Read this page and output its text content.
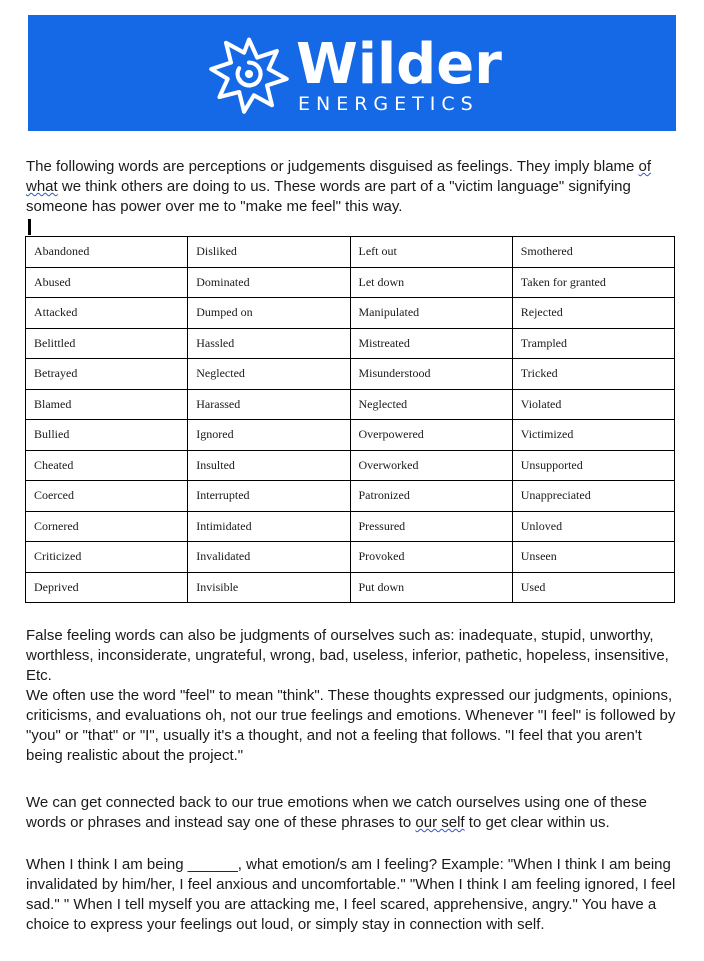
Wilder
ENERGETICS

The following words are perceptions or judgements disguised as feelings. They imply blame of what we think others are doing to us. These words are part of a "victim language" signifying someone has power over me to "make me feel" this way.

Abandoned	Disliked	Left out	Smothered
Abused	Dominated	Let down	Taken for granted
Attacked	Dumped on	Manipulated	Rejected
Belittled	Hassled	Mistreated	Trampled
Betrayed	Neglected	Misunderstood	Tricked
Blamed	Harassed	Neglected	Violated
Bullied	Ignored	Overpowered	Victimized
Cheated	Insulted	Overworked	Unsupported
Coerced	Interrupted	Patronized	Unappreciated
Cornered	Intimidated	Pressured	Unloved
Criticized	Invalidated	Provoked	Unseen
Deprived	Invisible	Put down	Used

False feeling words can also be judgments of ourselves such as: inadequate, stupid, unworthy, worthless, inconsiderate, ungrateful, wrong, bad, useless, inferior, pathetic, hopeless, insensitive, Etc.

We often use the word "feel" to mean "think". These thoughts expressed our judgments, opinions, criticisms, and evaluations oh, not our true feelings and emotions. Whenever "I feel" is followed by "you" or "that" or "I", usually it's a thought, and not a feeling that follows. "I feel that you aren't being realistic about the project."

We can get connected back to our true emotions when we catch ourselves using one of these words or phrases and instead say one of these phrases to our self to get clear within us.

When I think I am being ______, what emotion/s am I feeling? Example: "When I think I am being invalidated by him/her, I feel anxious and uncomfortable." "When I think I am feeling ignored, I feel sad." " When I tell myself you are attacking me, I feel scared, apprehensive, angry." You have a choice to express your feelings out loud, or simply stay in connection with self.
